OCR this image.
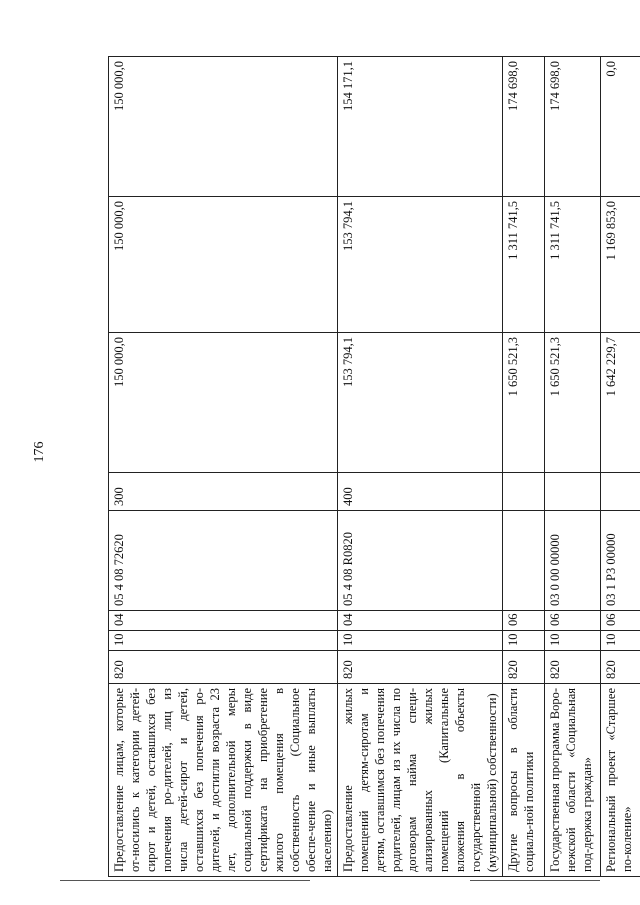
176
Предоставление лицам, которые от-носились к категории детей-сирот и детей, оставшихся без попечения ро-дителей, лиц из числа детей-сирот и детей, оставшихся без попечения ро-дителей, и достигли возраста 23 лет, дополнительной меры социальной поддержки в виде сертификата на приобретение жилого помещения в собственность (Социальное обеспе-чение и иные выплаты населению)	820	10	04	05 4 08 72620	300	150 000,0	150 000,0	150 000,0
Предоставление жилых помещений детям-сиротам и детям, оставшимся без попечения родителей, лицам из их числа по договорам найма специ-ализированных жилых помещений (Капитальные вложения в объекты государственной (муниципальной) собственности)	820	10	04	05 4 08 R0820	400	153 794,1	153 794,1	154 171,1
Другие вопросы в области социаль-ной политики	820	10	06			1 650 521,3	1 311 741,5	174 698,0
Государственная программа Воро-нежской области «Социальная под-держка граждан»	820	10	06	03 0 00 00000		1 650 521,3	1 311 741,5	174 698,0
Региональный проект «Старшее по-коление»	820	10	06	03 1 P3 00000		1 642 229,7	1 169 853,0	0,0
